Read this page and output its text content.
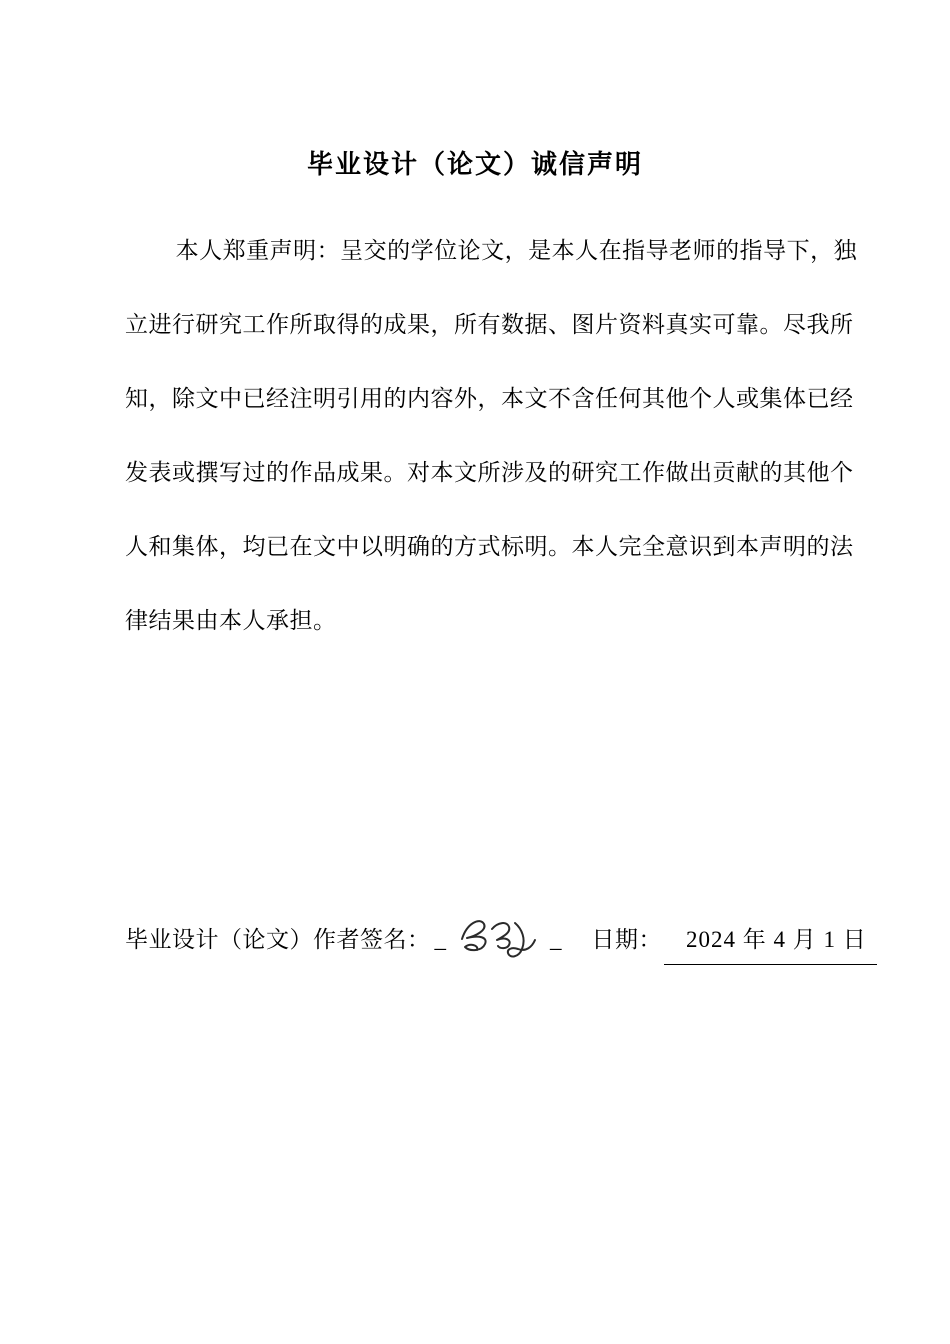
毕业设计（论文）诚信声明
本人郑重声明：呈交的学位论文，是本人在指导老师的指导下，独
立进行研究工作所取得的成果，所有数据、图片资料真实可靠。尽我所
知，除文中已经注明引用的内容外，本文不含任何其他个人或集体已经
发表或撰写过的作品成果。对本文所涉及的研究工作做出贡献的其他个
人和集体，均已在文中以明确的方式标明。本人完全意识到本声明的法
律结果由本人承担。
毕业设计（论文）作者签名： _	_ 日期：	2024 年 4 月 1 日
